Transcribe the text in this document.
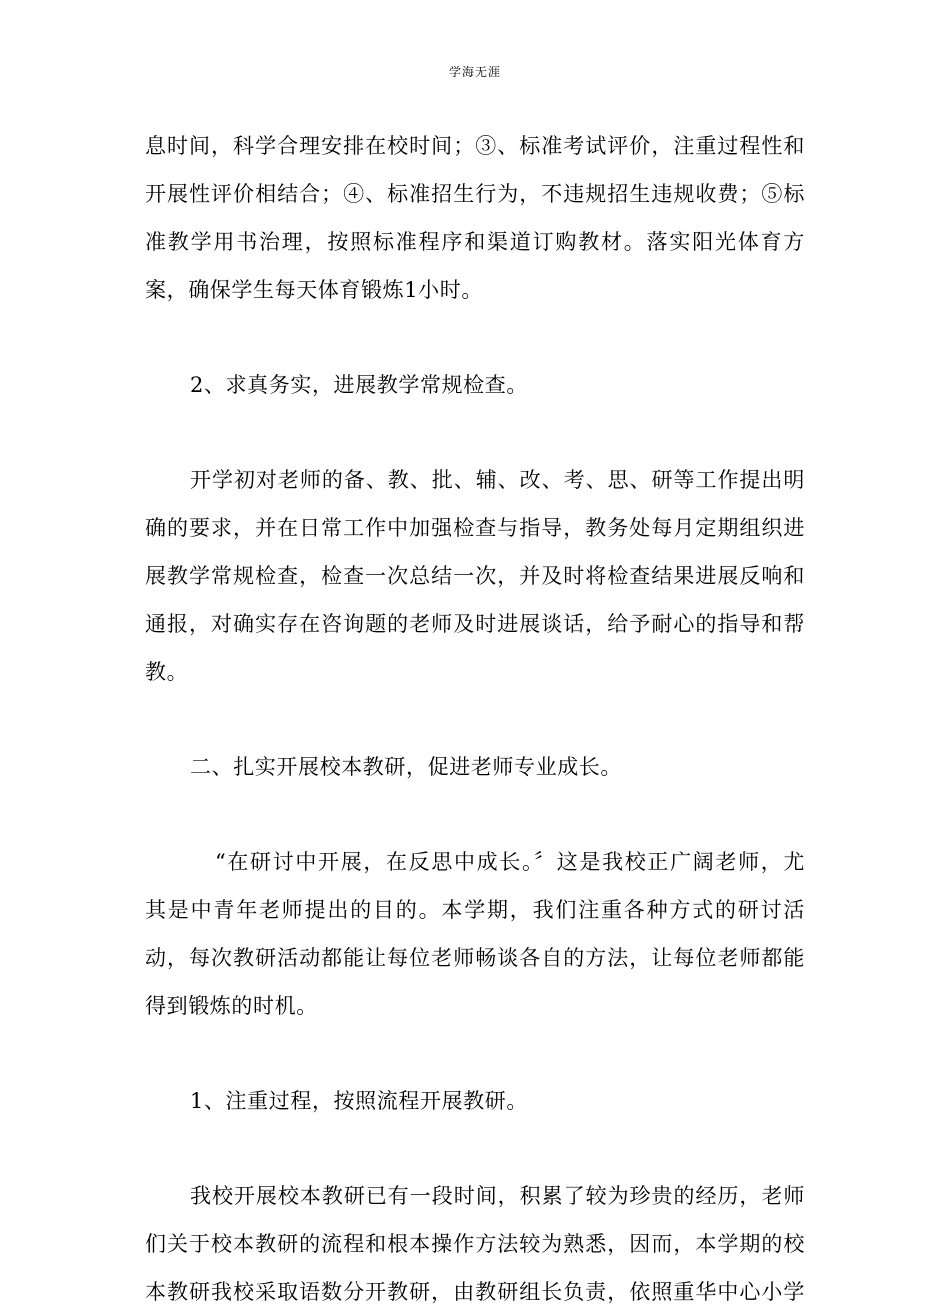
学海无涯
息时间，科学合理安排在校时间；③、标准考试评价，注重过程性和
开展性评价相结合；④、标准招生行为，不违规招生违规收费；⑤标
准教学用书治理，按照标准程序和渠道订购教材。落实阳光体育方
案，确保学生每天体育锻炼1小时。
2、求真务实，进展教学常规检查。
开学初对老师的备、教、批、辅、改、考、思、研等工作提出明
确的要求，并在日常工作中加强检查与指导，教务处每月定期组织进
展教学常规检查，检查一次总结一次，并及时将检查结果进展反响和
通报，对确实存在咨询题的老师及时进展谈话，给予耐心的指导和帮
教。
二、扎实开展校本教研，促进老师专业成长。
“在研讨中开展，在反思中成长。〞这是我校正广阔老师，尤
其是中青年老师提出的目的。本学期，我们注重各种方式的研讨活
动，每次教研活动都能让每位老师畅谈各自的方法，让每位老师都能
得到锻炼的时机。
1、注重过程，按照流程开展教研。
我校开展校本教研已有一段时间，积累了较为珍贵的经历，老师
们关于校本教研的流程和根本操作方法较为熟悉，因而，本学期的校
本教研我校采取语数分开教研，由教研组长负责，依照重华中心小学
